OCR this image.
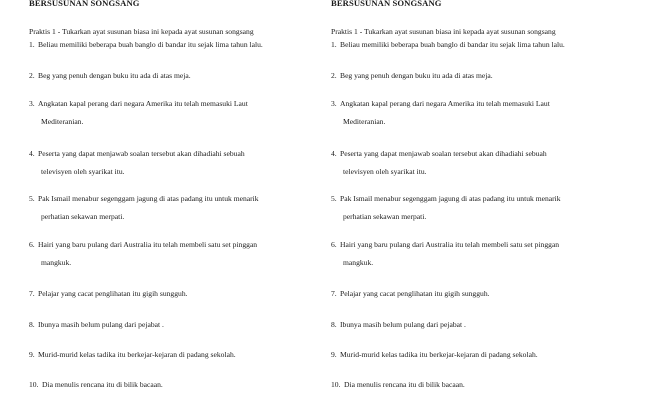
BERSUSUNAN SONGSANG
Praktis 1 - Tukarkan ayat susunan biasa ini kepada ayat susunan songsang
1. Beliau memiliki beberapa buah banglo di bandar itu sejak lima tahun lalu.
2. Beg yang penuh dengan buku itu ada di atas meja.
3. Angkatan kapal perang dari negara Amerika itu telah memasuki Laut
Mediteranian.
4. Peserta yang dapat menjawab soalan tersebut akan dihadiahi sebuah
televisyen oleh syarikat itu.
5. Pak Ismail menabur segenggam jagung di atas padang itu untuk menarik
perhatian sekawan merpati.
6. Hairi yang baru pulang dari Australia itu telah membeli satu set pinggan
mangkuk.
7. Pelajar yang cacat penglihatan itu gigih sungguh.
8. Ibunya masih belum pulang dari pejabat .
9. Murid-murid kelas tadika itu berkejar-kejaran di padang sekolah.
10. Dia menulis rencana itu di bilik bacaan.
BERSUSUNAN SONGSANG
Praktis 1 - Tukarkan ayat susunan biasa ini kepada ayat susunan songsang
1. Beliau memiliki beberapa buah banglo di bandar itu sejak lima tahun lalu.
2. Beg yang penuh dengan buku itu ada di atas meja.
3. Angkatan kapal perang dari negara Amerika itu telah memasuki Laut
Mediteranian.
4. Peserta yang dapat menjawab soalan tersebut akan dihadiahi sebuah
televisyen oleh syarikat itu.
5. Pak Ismail menabur segenggam jagung di atas padang itu untuk menarik
perhatian sekawan merpati.
6. Hairi yang baru pulang dari Australia itu telah membeli satu set pinggan
mangkuk.
7. Pelajar yang cacat penglihatan itu gigih sungguh.
8. Ibunya masih belum pulang dari pejabat .
9. Murid-murid kelas tadika itu berkejar-kejaran di padang sekolah.
10. Dia menulis rencana itu di bilik bacaan.
